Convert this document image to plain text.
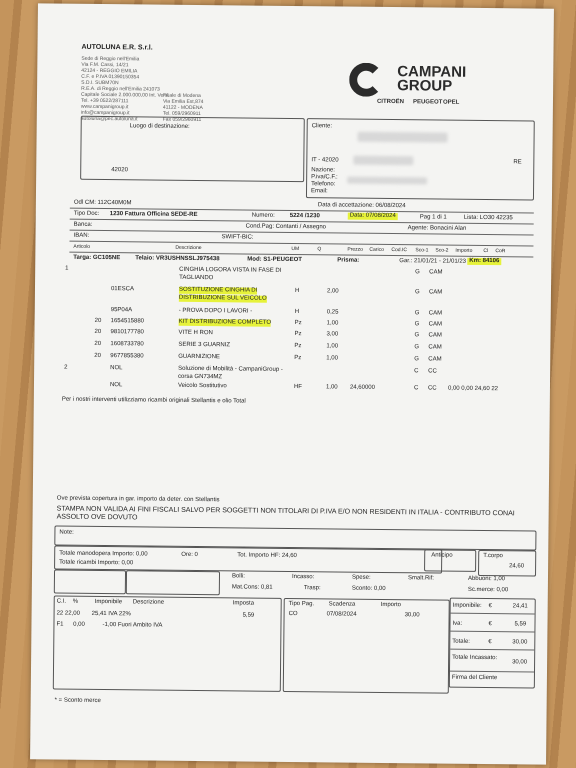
AUTOLUNA E.R. S.r.l.
Sede di Reggio nell'Emilia
Via F.M. Cassi, 14/21
42124 - REGGIO EMILIA
C.F. e P.IVA 01390150354
S.D.I. SUBM70N
R.E.A. di Reggio nell'Emilia 241073
Capitale Sociale 2.000.000,00 Int. Vers.
Tel. +39 0522/287111
www.campanigroup.it
info@campanigroup.it
autoluna@pec.autoluna.it
Filiale di Modena
Via Emilia Est,874
41122 - MODENA
Tel. 059/2960911
Fax 059/2960911
CAMPANI
GROUP
CITROËN PEUGEOT OPEL
Luogo di destinazione:
42020
Cliente:
IT - 42020	RE
Nazione:
P.iva/C.F.:
Telefono:
Email:
Odl CM: 112C40M0M	Data di accettazione: 06/08/2024
Tipo Doc: 1230 Fattura Officina SEDE-RE	Numero: 5224 /1230	Data: 07/08/2024	Pag 1 di 1	Lista: LO30 42235
Banca:	Cond.Pag: Contanti / Assegno	Agente: Bonacini Alan
IBAN:	SWIFT-BIC:
Articolo	Descrizione	UM	Q	Prezzo Carico Cod.IC Sco-1 Sco-2 Importo Cl CoR
Targa: GC105NE	Telaio: VR3USHNSSLJ975438	Mod: S1-PEUGEOT	Prisma:	Gar.: 21/01/21 - 21/01/23 Km: 84106
1	CINGHIA LOGORA VISTA IN FASE DI	G CAM
TAGLIANDO
01ESCA	SOSTITUZIONE CINGHIA DI	H	2,00	G CAM
DISTRIBUZIONE SUL VEICOLO
95P04A	- PROVA DOPO I LAVORI -	H	0,25	G CAM
20 1654515880	KIT DISTRIBUZIONE COMPLETO	Pz	1,00	G CAM
20 9810177780	VITE H RON	Pz	3,00	G CAM
20 1608733780	SERIE 3 GUARNIZ	Pz	1,00	G CAM
20 9677855380	GUARNIZIONE	Pz	1,00	G CAM
2	NOL	Soluzione di Mobilità - CampaniGroup -	C CC
corsa GN734MZ
NOL	Veicolo Sostitutivo	HF	1,00 24,60000	C CC 0,00 0,00 24,60 22
Per i nostri interventi utilizziamo ricambi originali Stellantis e olio Total
Ove prevista copertura in gar. importo da deter. con Stellantis
STAMPA NON VALIDA AI FINI FISCALI SALVO PER SOGGETTI NON TITOLARI DI P.IVA E/O NON RESIDENTI IN ITALIA - CONTRIBUTO CONAI ASSOLTO OVE DOVUTO
Note:
Totale manodopera Importo: 0,00
Totale ricambi Importo: 0,00
Ore: 0	Tot. Importo HF: 24,60	Anticipo	T.corpo
24,60
Bolli:	Incasso:	Spese:	Smalt.Rif:	Abbuoni: 1,00
Mat.Cons: 0,81	Trasp:	Sconto: 0,00	Sc.merce: 0,00
C.I. %	Imponibile Descrizione	Imposta
22 22,00 25,41 IVA 22%	5,59
F1 0,00	-1,00 Fuori Ambito IVA
Tipo Pag. Scadenza	Importo
CO	07/08/2024	30,00
Imponibile: €	24,41
Iva:	€	5,59
Totale:	€	30,00
Totale Incassato:
30,00
Firma del Cliente
* = Sconto merce
